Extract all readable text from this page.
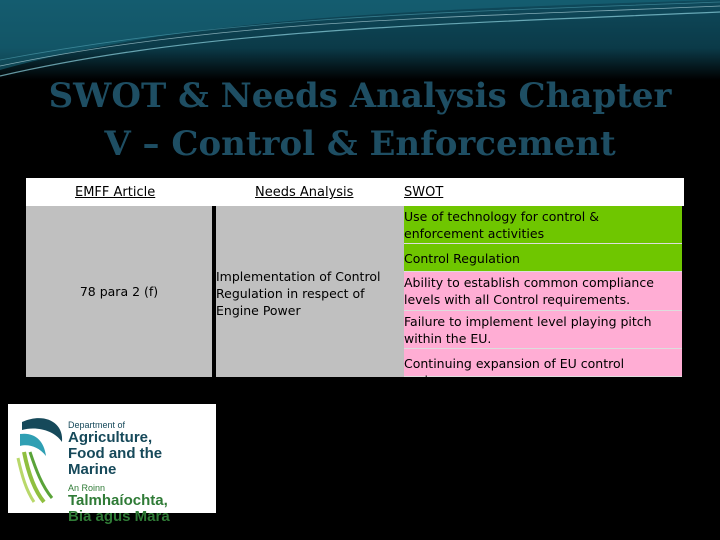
SWOT & Needs Analysis Chapter
V – Control & Enforcement
EMFF Article	Needs Analysis	SWOT
78 para 2 (f)
Implementation of Control Regulation in respect of Engine Power
Use of technology for control & enforcement activities
Control Regulation
Ability to establish common compliance levels with all Control requirements.
Failure to implement level playing pitch within the EU.
Continuing expansion of EU control regimes.
Department of
Agriculture,
Food and the Marine
An Roinn
Talmhaíochta,
Bia agus Mara
